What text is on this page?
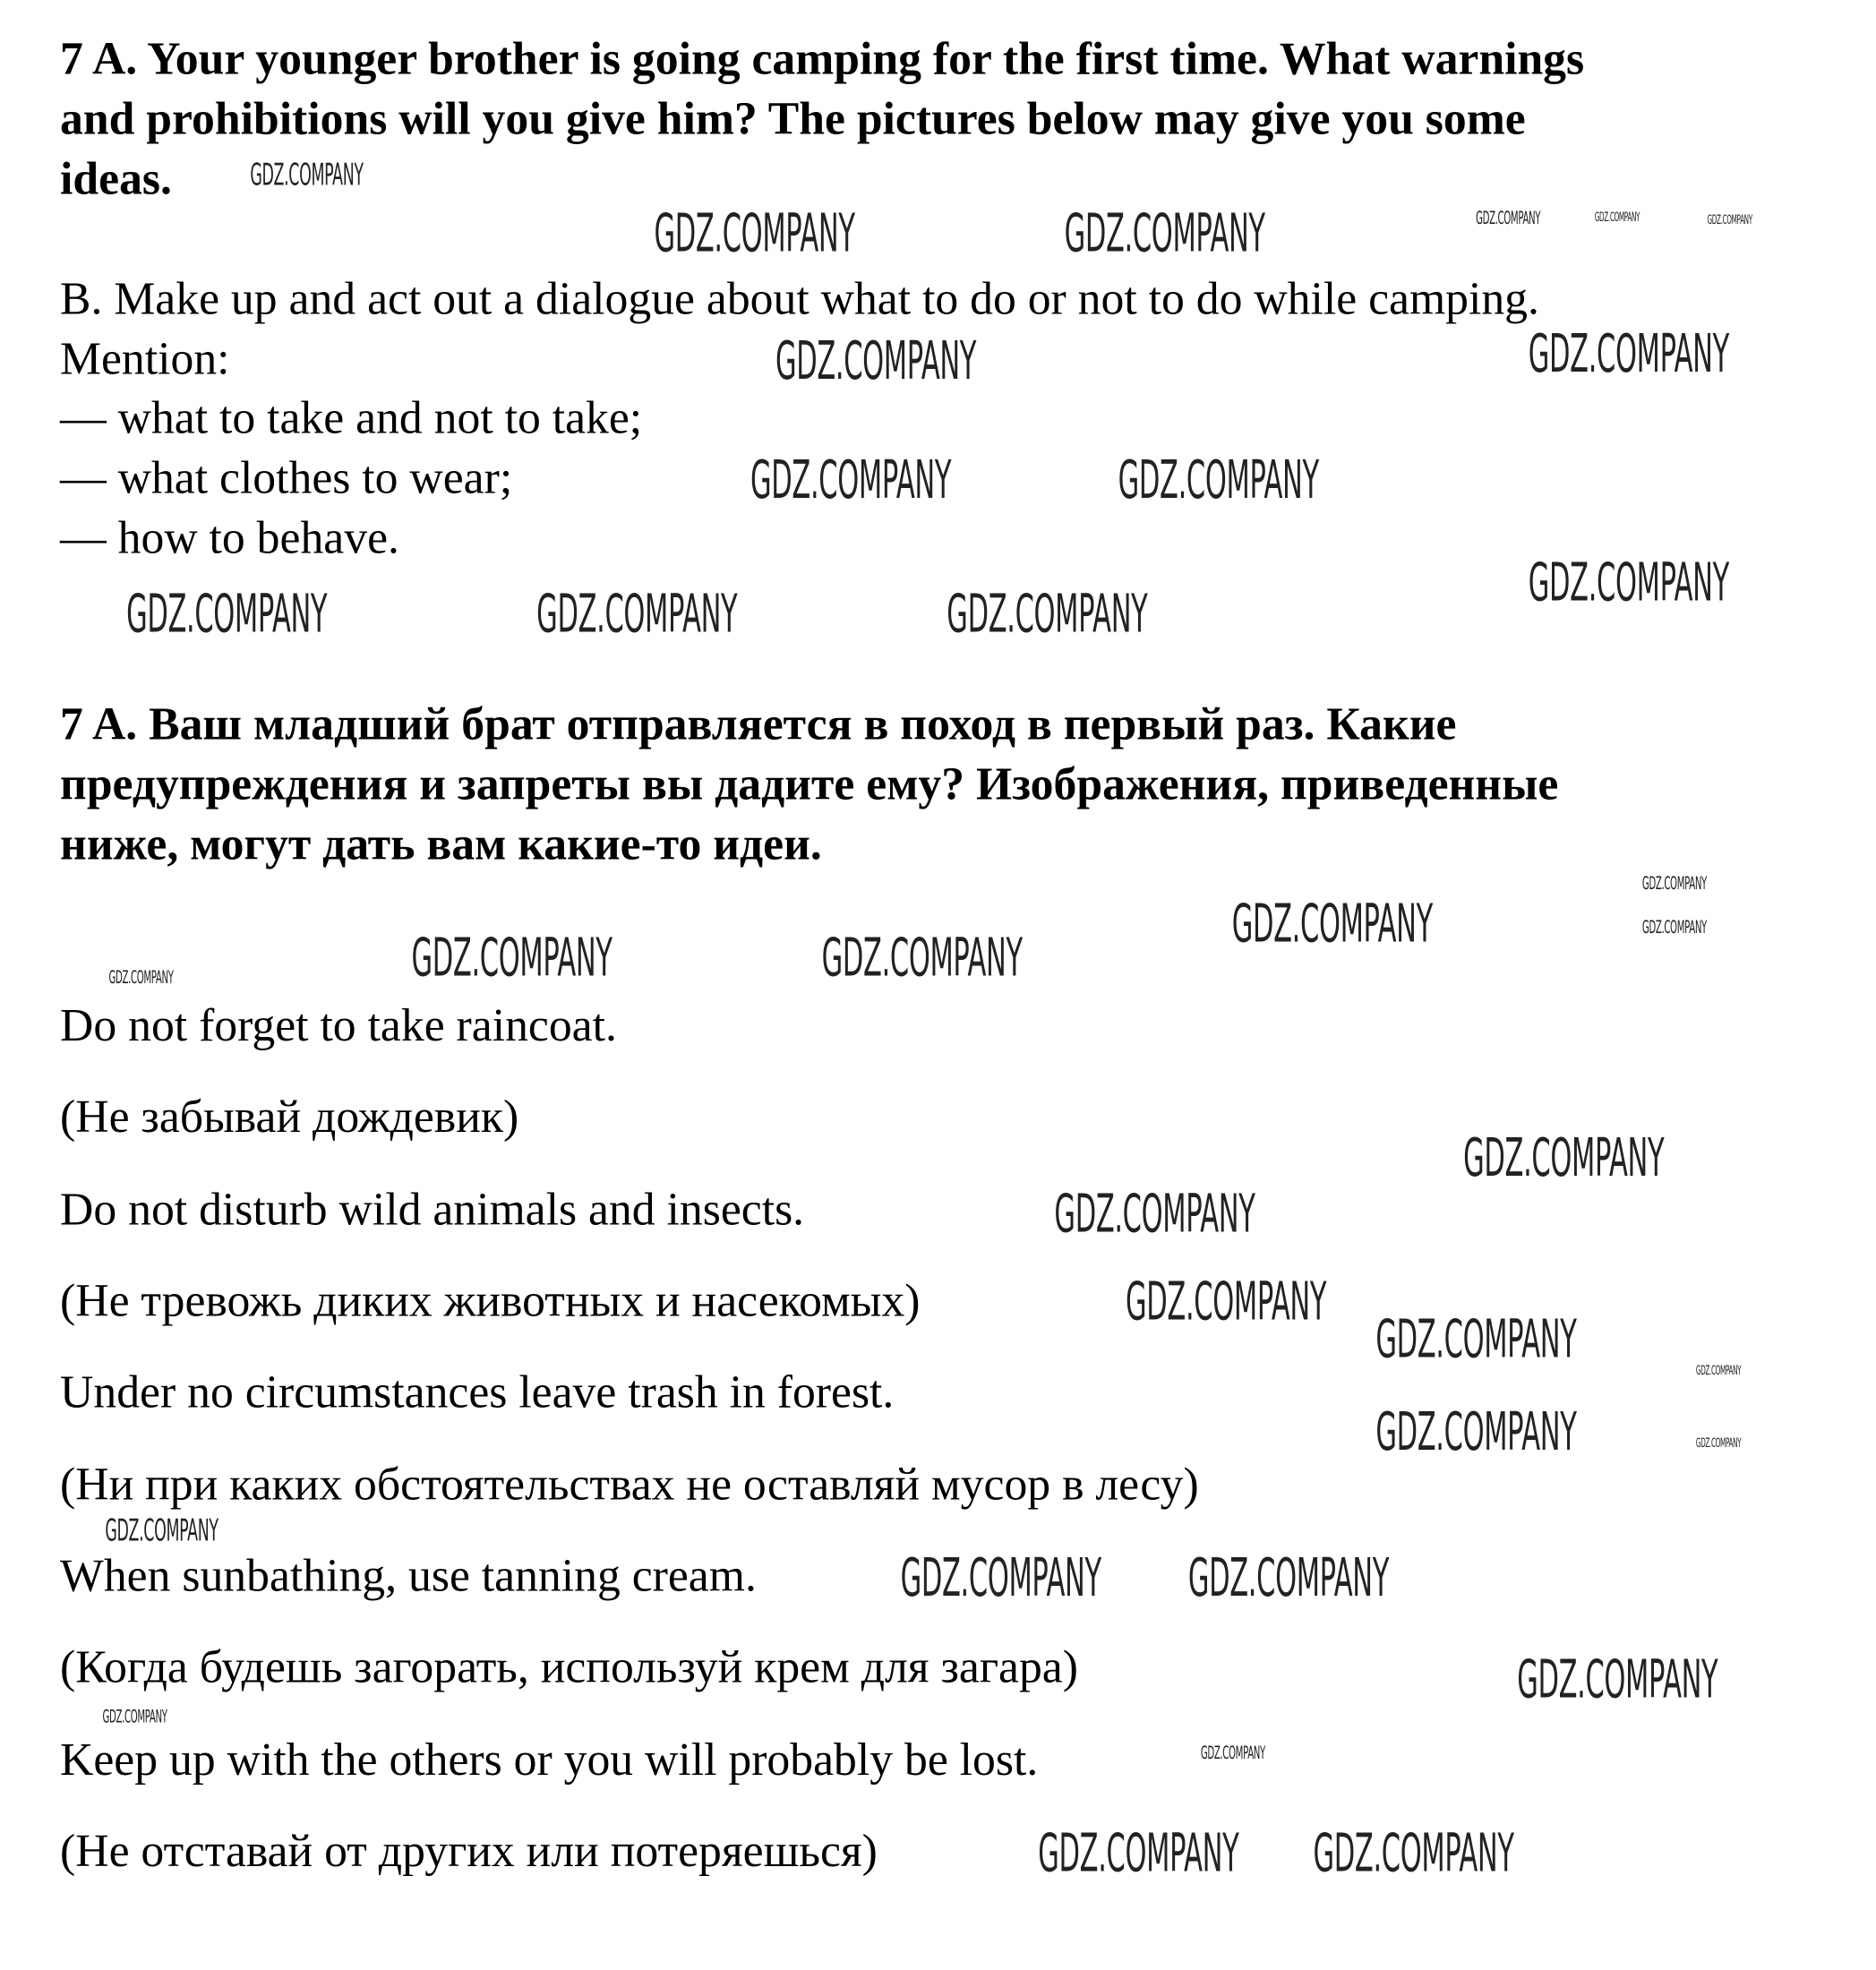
7 A. Your younger brother is going camping for the first time. What warnings
and prohibitions will you give him? The pictures below may give you some
ideas.
B. Make up and act out a dialogue about what to do or not to do while camping.
Mention:
— what to take and not to take;
— what clothes to wear;
— how to behave.
7 A. Ваш младший брат отправляется в поход в первый раз. Какие
предупреждения и запреты вы дадите ему? Изображения, приведенные
ниже, могут дать вам какие-то идеи.
Do not forget to take raincoat.
(Не забывай дождевик)
Do not disturb wild animals and insects.
(Не тревожь диких животных и насекомых)
Under no circumstances leave trash in forest.
(Ни при каких обстоятельствах не оставляй мусор в лесу)
When sunbathing, use tanning cream.
(Когда будешь загорать, используй крем для загара)
Keep up with the others or you will probably be lost.
(Не отставай от других или потеряешься)
GDZ.COMPANY	GDZ.COMPANY	GDZ.COMPANY
GDZ.COMPANY
GDZ.COMPANY	GDZ.COMPANY
GDZ.COMPANY	GDZ.COMPANY
GDZ.COMPANY	GDZ.COMPANY
GDZ.COMPANY
GDZ.COMPANY	GDZ.COMPANY	GDZ.COMPANY
GDZ.COMPANY
GDZ.COMPANY	GDZ.COMPANY
GDZ.COMPANY	GDZ.COMPANY	GDZ.COMPANY
GDZ.COMPANY
GDZ.COMPANY
GDZ.COMPANY
GDZ.COMPANY
GDZ.COMPANY
GDZ.COMPANY
GDZ.COMPANY
GDZ.COMPANY
GDZ.COMPANY GDZ.COMPANY
GDZ.COMPANY
GDZ.COMPANY
GDZ.COMPANY
GDZ.COMPANY
GDZ.COMPANY
